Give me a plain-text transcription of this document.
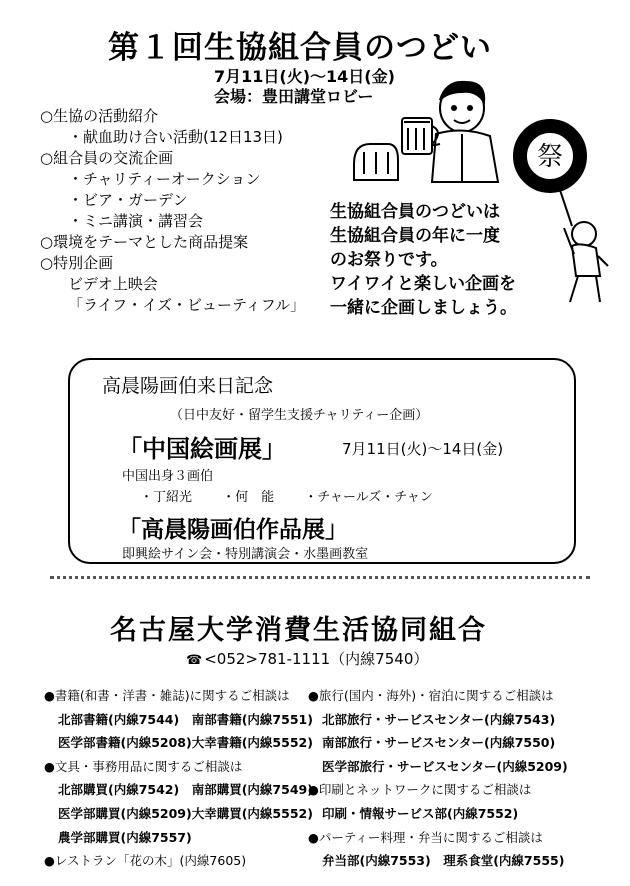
第１回生協組合員のつどい
7月11日(火)〜14日(金)
会場：豊田講堂ロビー
○生協の活動紹介
・献血助け合い活動(12日13日)
○組合員の交流企画
・チャリティーオークション
・ビア・ガーデン
・ミニ講演・講習会
○環境をテーマとした商品提案
○特別企画
ビデオ上映会
「ライフ・イズ・ビューティフル」
祭
生協組合員のつどいは
生協組合員の年に一度
のお祭りです。
ワイワイと楽しい企画を
一緒に企画しましょう。
高晨陽画伯来日記念
（日中友好・留学生支援チャリティー企画）
「中国絵画展」	7月11日(火)〜14日(金)
中国出身３画伯
・丁紹光 ・何　能 ・チャールズ・チャン
「高晨陽画伯作品展」
即興絵サイン会・特別講演会・水墨画教室
名古屋大学消費生活協同組合
☎ <052>781-1111（内線7540）
●書籍(和書・洋書・雑誌)に関するご相談は
北部書籍(内線7544)　南部書籍(内線7551)
医学部書籍(内線5208)大幸書籍(内線5552)
●文具・事務用品に関するご相談は
北部購買(内線7542)　南部購買(内線7549)
医学部購買(内線5209)大幸購買(内線5552)
農学部購買(内線7557)
●レストラン「花の木」(内線7605)
●旅行(国内・海外)・宿泊に関するご相談は
北部旅行・サービスセンター(内線7543)
南部旅行・サービスセンター(内線7550)
医学部旅行・サービスセンター(内線5209)
●印刷とネットワークに関するご相談は
印刷・情報サービス部(内線7552)
●パーティー料理・弁当に関するご相談は
弁当部(内線7553)　理系食堂(内線7555)
